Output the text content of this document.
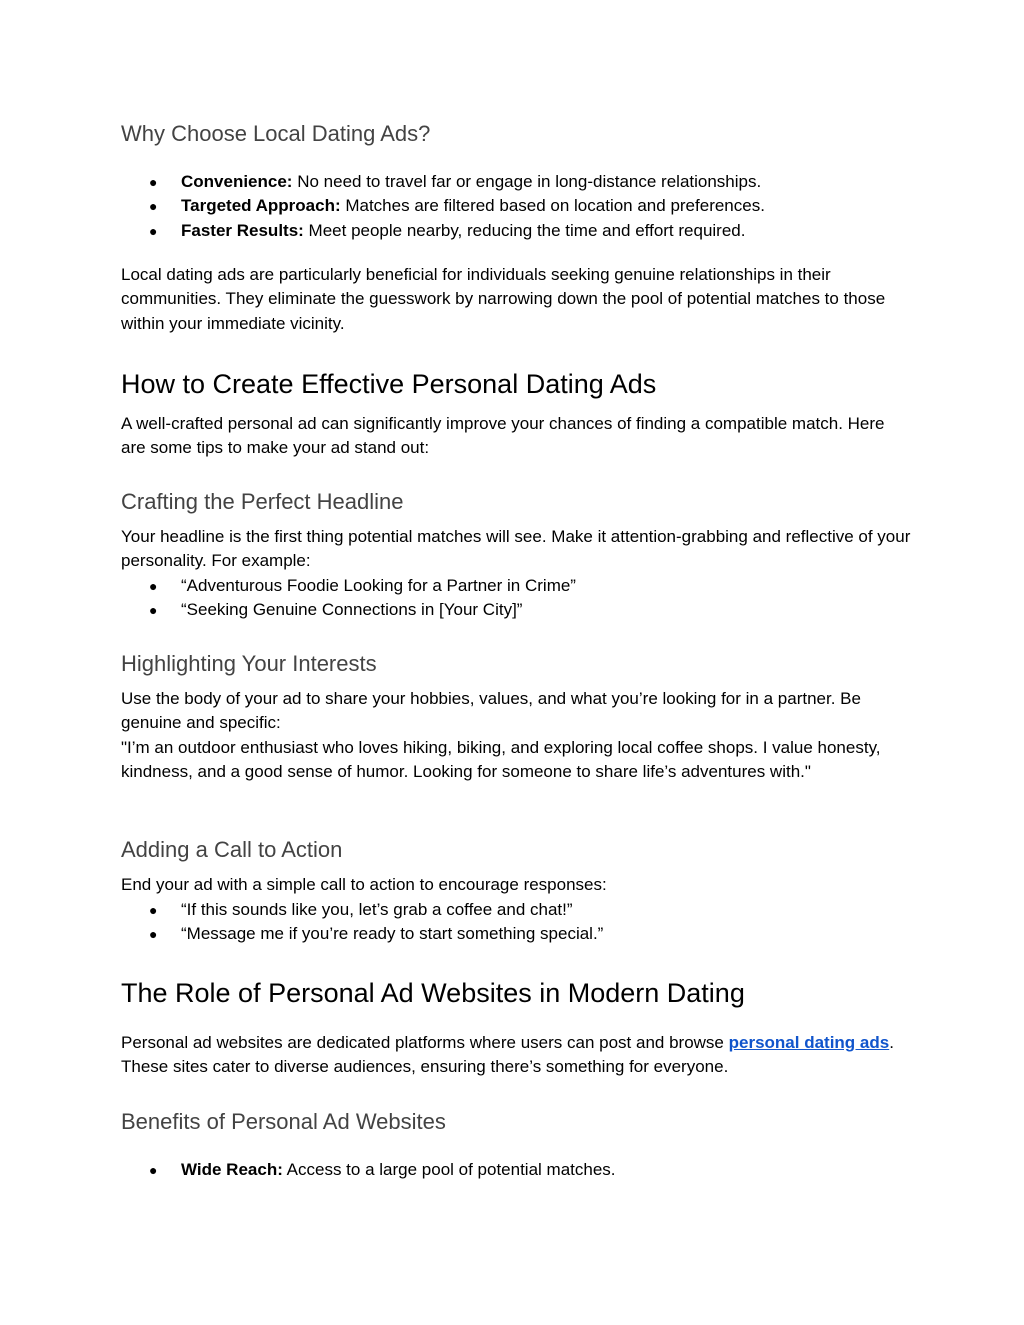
Why Choose Local Dating Ads?
● Convenience: No need to travel far or engage in long-distance relationships.
● Targeted Approach: Matches are filtered based on location and preferences.
● Faster Results: Meet people nearby, reducing the time and effort required.

Local dating ads are particularly beneficial for individuals seeking genuine relationships in their communities. They eliminate the guesswork by narrowing down the pool of potential matches to those within your immediate vicinity.

How to Create Effective Personal Dating Ads

A well-crafted personal ad can significantly improve your chances of finding a compatible match. Here are some tips to make your ad stand out:

Crafting the Perfect Headline

Your headline is the first thing potential matches will see. Make it attention-grabbing and reflective of your personality. For example:

● “Adventurous Foodie Looking for a Partner in Crime”
● “Seeking Genuine Connections in [Your City]”
Highlighting Your Interests

Use the body of your ad to share your hobbies, values, and what you’re looking for in a partner. Be genuine and specific:

"I’m an outdoor enthusiast who loves hiking, biking, and exploring local coffee shops. I value honesty, kindness, and a good sense of humor. Looking for someone to share life’s adventures with."

Adding a Call to Action

End your ad with a simple call to action to encourage responses:

● “If this sounds like you, let’s grab a coffee and chat!”
● “Message me if you’re ready to start something special.”
The Role of Personal Ad Websites in Modern Dating

Personal ad websites are dedicated platforms where users can post and browse personal dating ads. These sites cater to diverse audiences, ensuring there’s something for everyone.

Benefits of Personal Ad Websites
● Wide Reach: Access to a large pool of potential matches.
